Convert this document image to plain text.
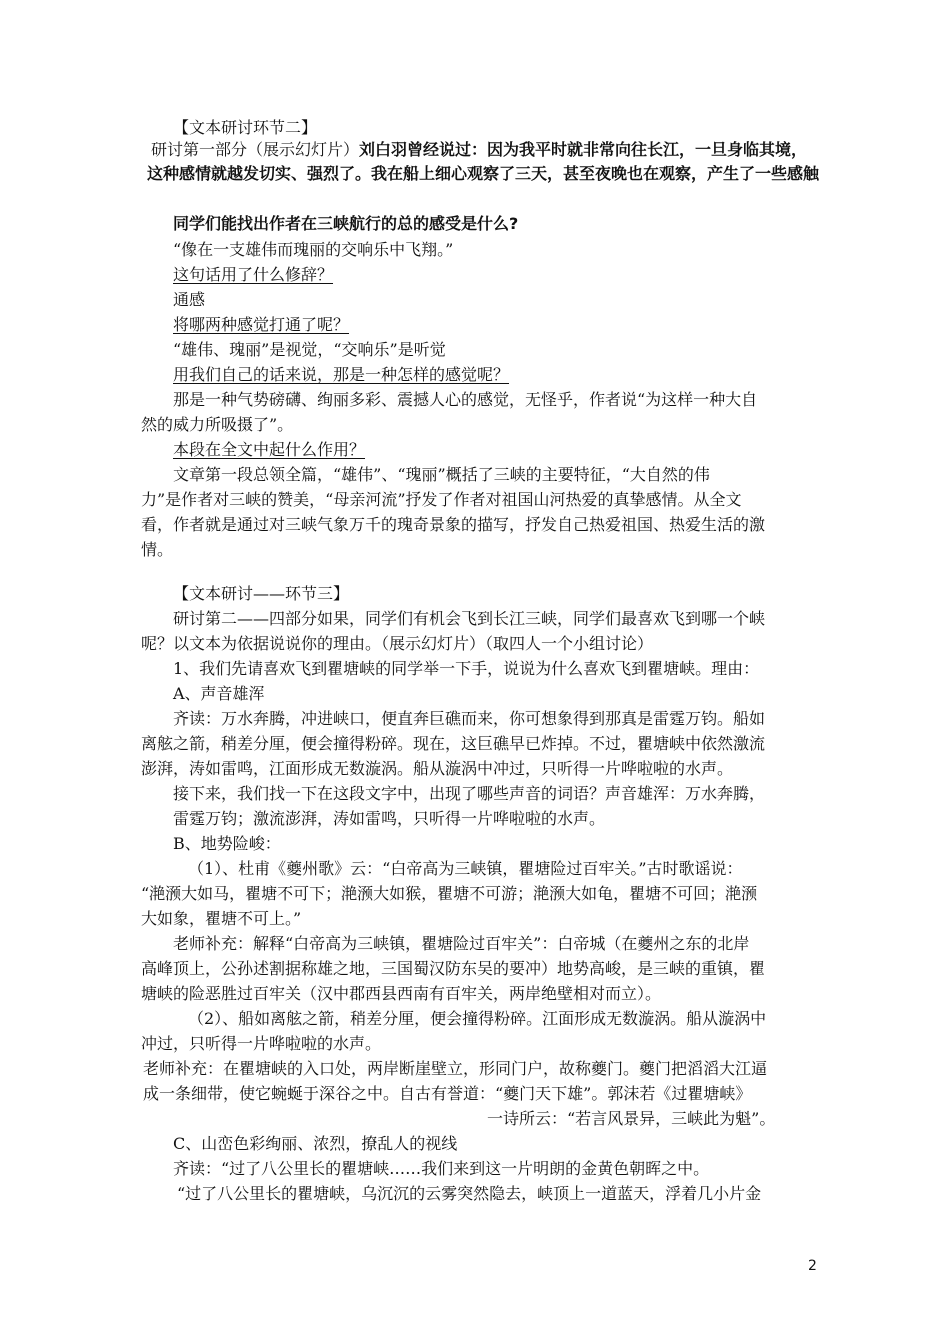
【文本研讨环节二】
研讨第一部分（展示幻灯片）刘白羽曾经说过：因为我平时就非常向往长江，一旦身临其境，
这种感情就越发切实、强烈了。我在船上细心观察了三天，甚至夜晚也在观察，产生了一些感触
同学们能找出作者在三峡航行的总的感受是什么?
“像在一支雄伟而瑰丽的交响乐中飞翔。”
这句话用了什么修辞？
通感
将哪两种感觉打通了呢？
“雄伟、瑰丽”是视觉，“交响乐”是听觉
用我们自己的话来说，那是一种怎样的感觉呢？
那是一种气势磅礴、绚丽多彩、震撼人心的感觉，无怪乎，作者说“为这样一种大自
然的威力所吸摄了”。
本段在全文中起什么作用？
文章第一段总领全篇，“雄伟”、“瑰丽”概括了三峡的主要特征，“大自然的伟
力”是作者对三峡的赞美，“母亲河流”抒发了作者对祖国山河热爱的真挚感情。从全文
看，作者就是通过对三峡气象万千的瑰奇景象的描写，抒发自己热爱祖国、热爱生活的激
情。
【文本研讨——环节三】
研讨第二——四部分如果，同学们有机会飞到长江三峡，同学们最喜欢飞到哪一个峡
呢？以文本为依据说说你的理由。（展示幻灯片）（取四人一个小组讨论）
1、我们先请喜欢飞到瞿塘峡的同学举一下手，说说为什么喜欢飞到瞿塘峡。理由：
A、声音雄浑
齐读：万水奔腾，冲进峡口，便直奔巨礁而来，你可想象得到那真是雷霆万钧。船如
离舷之箭，稍差分厘，便会撞得粉碎。现在，这巨礁早已炸掉。不过，瞿塘峡中依然激流
澎湃，涛如雷鸣，江面形成无数漩涡。船从漩涡中冲过，只听得一片哗啦啦的水声。
接下来，我们找一下在这段文字中，出现了哪些声音的词语？声音雄浑：万水奔腾，
雷霆万钧；激流澎湃，涛如雷鸣，只听得一片哗啦啦的水声。
B、地势险峻：
（1）、杜甫《夔州歌》云：“白帝高为三峡镇，瞿塘险过百牢关。”古时歌谣说：
“滟滪大如马，瞿塘不可下；滟滪大如猴，瞿塘不可游；滟滪大如龟，瞿塘不可回；滟滪
大如象，瞿塘不可上。”
老师补充：解释“白帝高为三峡镇，瞿塘险过百牢关”：白帝城（在夔州之东的北岸
高峰顶上，公孙述割据称雄之地，三国蜀汉防东吴的要冲）地势高峻，是三峡的重镇，瞿
塘峡的险恶胜过百牢关（汉中郡西县西南有百牢关，两岸绝壁相对而立）。
（2）、船如离舷之箭，稍差分厘，便会撞得粉碎。江面形成无数漩涡。船从漩涡中
冲过，只听得一片哗啦啦的水声。
老师补充：在瞿塘峡的入口处，两岸断崖壁立，形同门户，故称夔门。夔门把滔滔大江逼
成一条细带，使它蜿蜒于深谷之中。自古有誉道：“夔门天下雄”。郭沫若《过瞿塘峡》
一诗所云：“若言风景异，三峡此为魁”。
C、山峦色彩绚丽、浓烈，撩乱人的视线
齐读：“过了八公里长的瞿塘峡……我们来到这一片明朗的金黄色朝晖之中。
“过了八公里长的瞿塘峡，乌沉沉的云雾突然隐去，峡顶上一道蓝天，浮着几小片金
2
